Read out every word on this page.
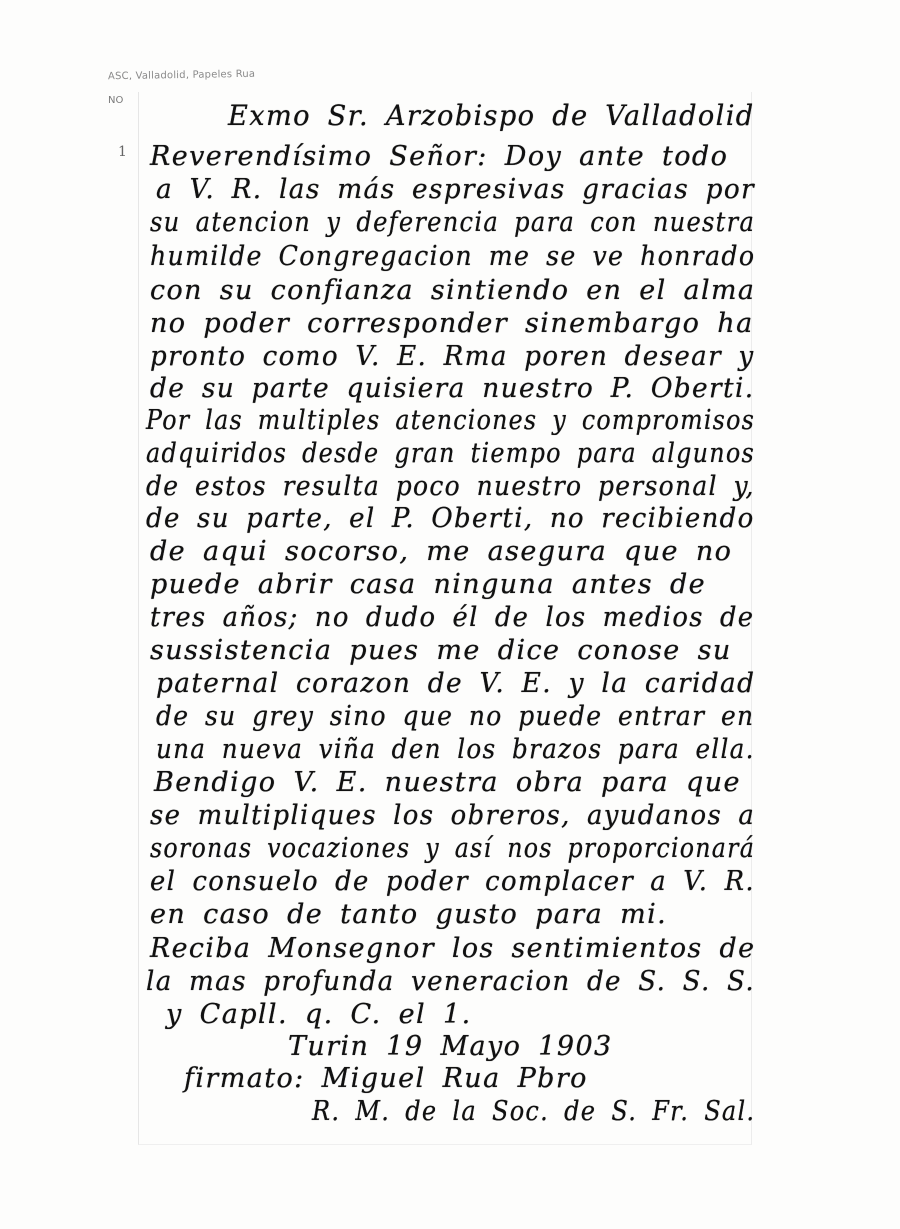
ASC, Valladolid, Papeles Rua
NO
1
Exmo Sr. Arzobispo de Valladolid
Reverendísimo Señor: Doy ante todo
a V. R. las más espresivas gracias por
su atencion y deferencia para con nuestra
humilde Congregacion me se ve honrado
con su confianza sintiendo en el alma
no poder corresponder sinembargo ha
pronto como V. E. Rma poren desear y
de su parte quisiera nuestro P. Oberti.
Por las multiples atenciones y compromisos
adquiridos desde gran tiempo para algunos
de estos resulta poco nuestro personal y,
de su parte, el P. Oberti, no recibiendo
de aqui socorso, me asegura que no
puede abrir casa ninguna antes de
tres años; no dudo él de los medios de
sussistencia pues me dice conose su
paternal corazon de V. E. y la caridad
de su grey sino que no puede entrar en
una nueva viña den los brazos para ella.
Bendigo V. E. nuestra obra para que
se multipliques los obreros, ayudanos a
soronas vocaziones y así nos proporcionará
el consuelo de poder complacer a V. R.
en caso de tanto gusto para mi.
Reciba Monsegnor los sentimientos de
la mas profunda veneracion de S. S. S.
y Capll. q. C. el 1.
Turin 19 Mayo 1903
firmato: Miguel Rua Pbro
R. M. de la Soc. de S. Fr. Sal.
